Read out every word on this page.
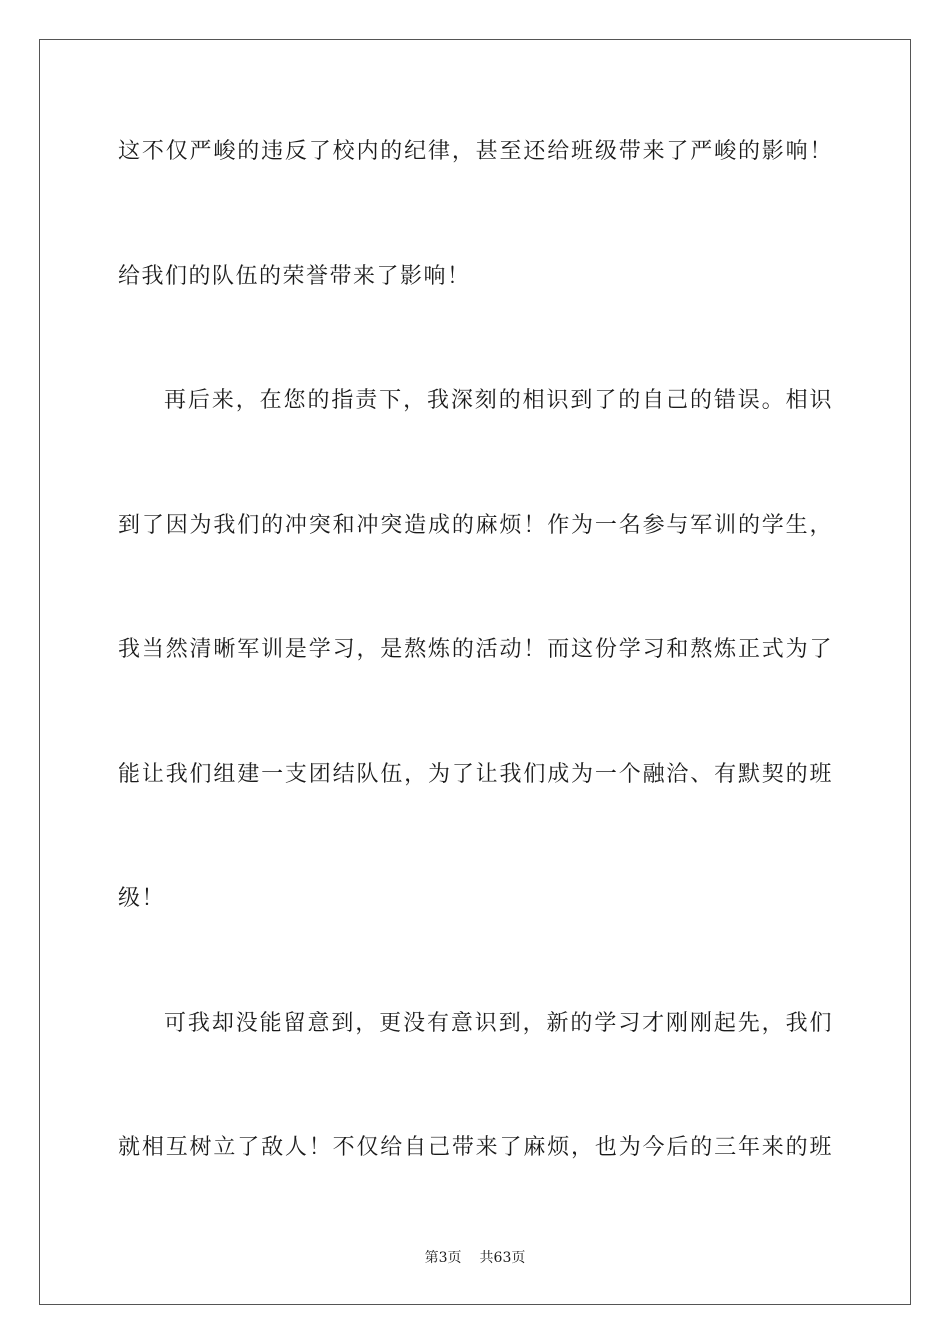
这不仅严峻的违反了校内的纪律，甚至还给班级带来了严峻的影响！
给我们的队伍的荣誉带来了影响！
再后来，在您的指责下，我深刻的相识到了的自己的错误。相识
到了因为我们的冲突和冲突造成的麻烦！作为一名参与军训的学生，
我当然清晰军训是学习，是熬炼的活动！而这份学习和熬炼正式为了
能让我们组建一支团结队伍，为了让我们成为一个融洽、有默契的班
级！
可我却没能留意到，更没有意识到，新的学习才刚刚起先，我们
就相互树立了敌人！不仅给自己带来了麻烦，也为今后的三年来的班
第3页 共63页
